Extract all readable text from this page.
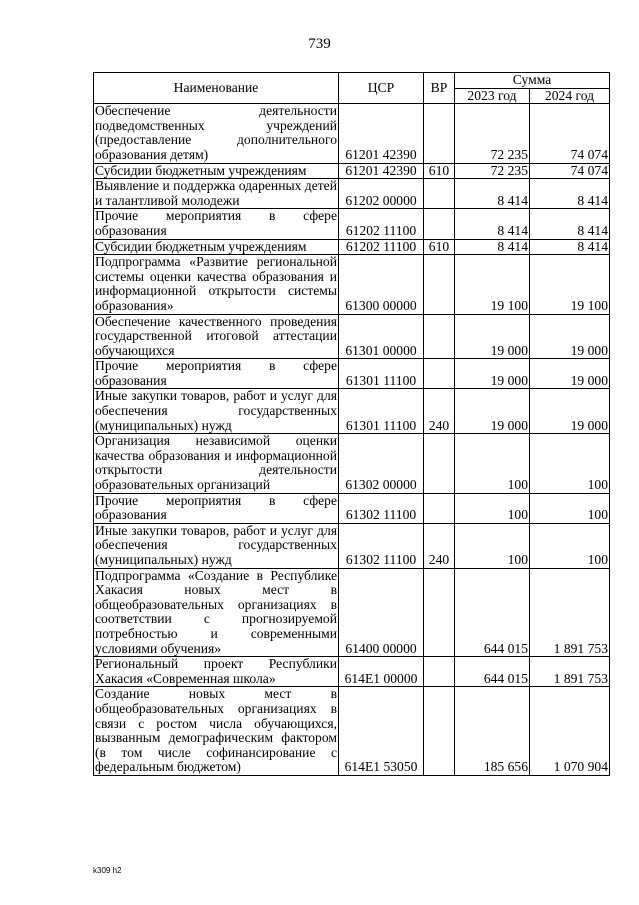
739
Наименование	ЦСР	ВР	Сумма	
			2023 год	2024 год
Обеспечение деятельности подведомственных учреждений (предоставление дополнительного образования детям)	61201 42390		72 235	74 074
Субсидии бюджетным учреждениям	61201 42390	610	72 235	74 074
Выявление и поддержка одаренных детей и талантливой молодежи	61202 00000		8 414	8 414
Прочие мероприятия в сфере образования	61202 11100		8 414	8 414
Субсидии бюджетным учреждениям	61202 11100	610	8 414	8 414
Подпрограмма «Развитие региональной системы оценки качества образования и информационной открытости системы образования»	61300 00000		19 100	19 100
Обеспечение качественного проведения государственной итоговой аттестации обучающихся	61301 00000		19 000	19 000
Прочие мероприятия в сфере образования	61301 11100		19 000	19 000
Иные закупки товаров, работ и услуг для обеспечения государственных (муниципальных) нужд	61301 11100	240	19 000	19 000
Организация независимой оценки качества образования и информационной открытости деятельности образовательных организаций	61302 00000		100	100
Прочие мероприятия в сфере образования	61302 11100		100	100
Иные закупки товаров, работ и услуг для обеспечения государственных (муниципальных) нужд	61302 11100	240	100	100
Подпрограмма «Создание в Республике Хакасия новых мест в общеобразовательных организациях в соответствии с прогнозируемой потребностью и современными условиями обучения»	61400 00000		644 015	1 891 753
Региональный проект Республики Хакасия «Современная школа»	614E1 00000		644 015	1 891 753
Создание новых мест в общеобразовательных организациях в связи с ростом числа обучающихся, вызванным демографическим фактором (в том числе софинансирование с федеральным бюджетом)	614E1 53050		185 656	1 070 904
k309 h2
